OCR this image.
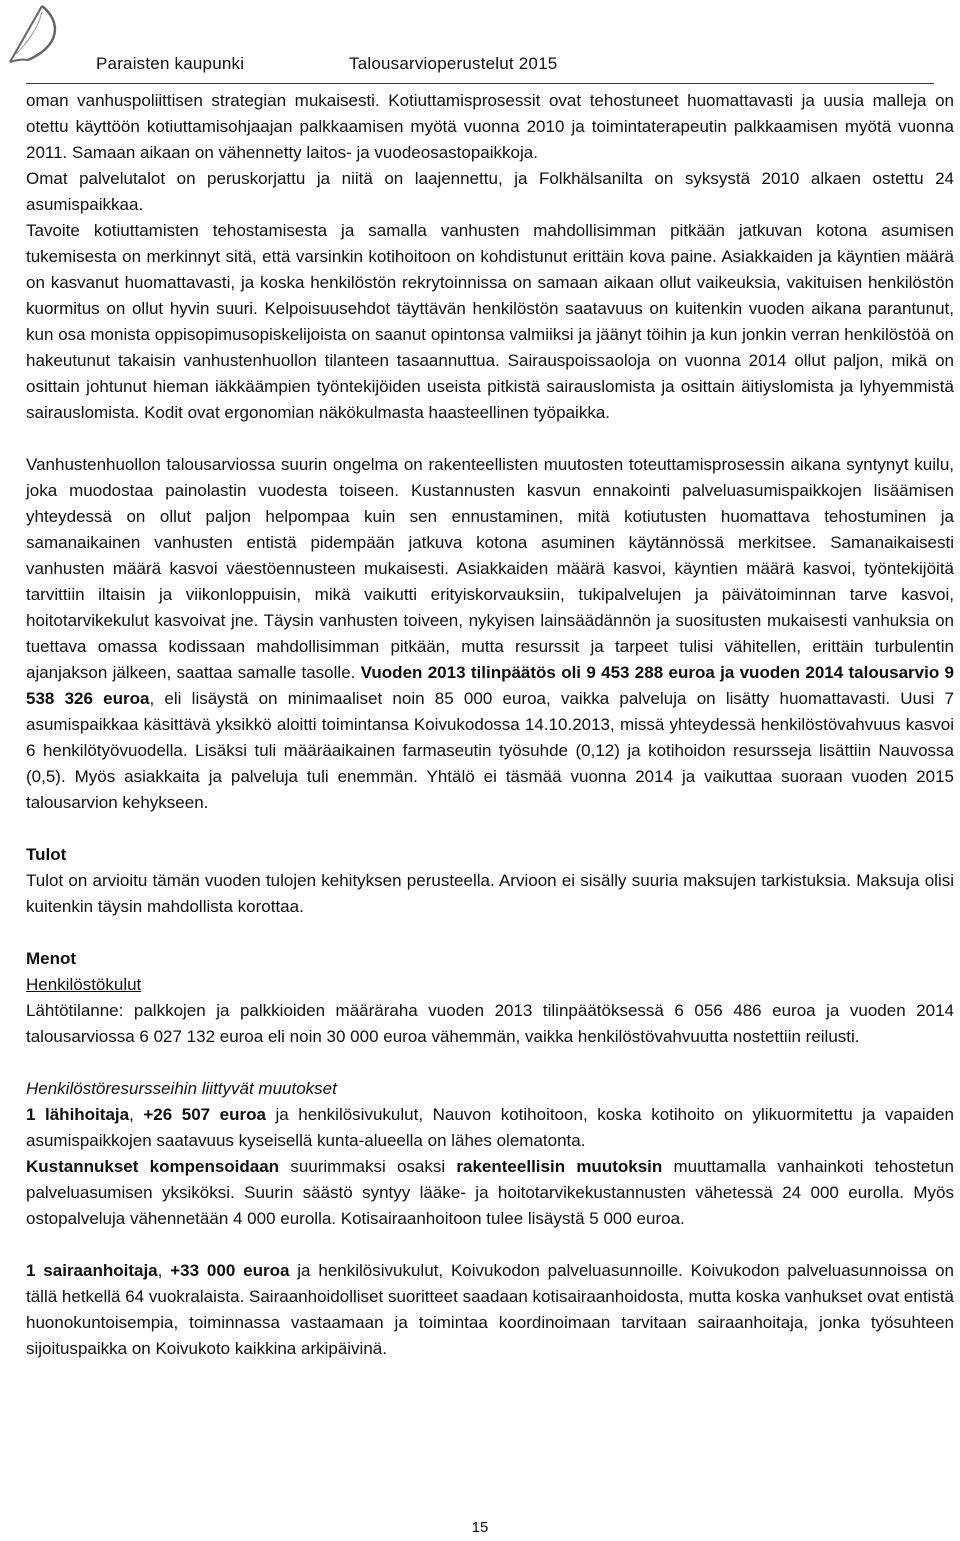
Paraisten kaupunki	Talousarvioperustelut 2015

oman vanhuspoliittisen strategian mukaisesti. Kotiuttamisprosessit ovat tehostuneet huomattavasti ja uusia malleja on otettu käyttöön kotiuttamisohjaajan palkkaamisen myötä vuonna 2010 ja toimintaterapeutin palkkaamisen myötä vuonna 2011. Samaan aikaan on vähennetty laitos- ja vuodeosastopaikkoja.

Omat palvelutalot on peruskorjattu ja niitä on laajennettu, ja Folkhälsanilta on syksystä 2010 alkaen ostettu 24 asumispaikkaa.

Tavoite kotiuttamisten tehostamisesta ja samalla vanhusten mahdollisimman pitkään jatkuvan kotona asumisen tukemisesta on merkinnyt sitä, että varsinkin kotihoitoon on kohdistunut erittäin kova paine. Asiakkaiden ja käyntien määrä on kasvanut huomattavasti, ja koska henkilöstön rekrytoinnissa on samaan aikaan ollut vaikeuksia, vakituisen henkilöstön kuormitus on ollut hyvin suuri. Kelpoisuusehdot täyttävän henkilöstön saatavuus on kuitenkin vuoden aikana parantunut, kun osa monista oppisopimusopiskelijoista on saanut opintonsa valmiiksi ja jäänyt töihin ja kun jonkin verran henkilöstöä on hakeutunut takaisin vanhustenhuollon tilanteen tasaannuttua. Sairauspoissaoloja on vuonna 2014 ollut paljon, mikä on osittain johtunut hieman iäkkäämpien työntekijöiden useista pitkistä sairauslomista ja osittain äitiyslomista ja lyhyemmistä sairauslomista. Kodit ovat ergonomian näkökulmasta haasteellinen työpaikka.

Vanhustenhuollon talousarviossa suurin ongelma on rakenteellisten muutosten toteuttamisprosessin aikana syntynyt kuilu, joka muodostaa painolastin vuodesta toiseen. Kustannusten kasvun ennakointi palveluasumispaikkojen lisäämisen yhteydessä on ollut paljon helpompaa kuin sen ennustaminen, mitä kotiutusten huomattava tehostuminen ja samanaikainen vanhusten entistä pidempään jatkuva kotona asuminen käytännössä merkitsee. Samanaikaisesti vanhusten määrä kasvoi väestöennusteen mukaisesti. Asiakkaiden määrä kasvoi, käyntien määrä kasvoi, työntekijöitä tarvittiin iltaisin ja viikonloppuisin, mikä vaikutti erityiskorvauksiin, tukipalvelujen ja päivätoiminnan tarve kasvoi, hoitotarvikekulut kasvoivat jne. Täysin vanhusten toiveen, nykyisen lainsäädännön ja suositusten mukaisesti vanhuksia on tuettava omassa kodissaan mahdollisimman pitkään, mutta resurssit ja tarpeet tulisi vähitellen, erittäin turbulentin ajanjakson jälkeen, saattaa samalle tasolle. Vuoden 2013 tilinpäätös oli 9 453 288 euroa ja vuoden 2014 talousarvio 9 538 326 euroa, eli lisäystä on minimaaliset noin 85 000 euroa, vaikka palveluja on lisätty huomattavasti. Uusi 7 asumispaikkaa käsittävä yksikkö aloitti toimintansa Koivukodossa 14.10.2013, missä yhteydessä henkilöstövahvuus kasvoi 6 henkilötyövuodella. Lisäksi tuli määräaikainen farmaseutin työsuhde (0,12) ja kotihoidon resursseja lisättiin Nauvossa (0,5). Myös asiakkaita ja palveluja tuli enemmän. Yhtälö ei täsmää vuonna 2014 ja vaikuttaa suoraan vuoden 2015 talousarvion kehykseen.

Tulot

Tulot on arvioitu tämän vuoden tulojen kehityksen perusteella. Arvioon ei sisälly suuria maksujen tarkistuksia. Maksuja olisi kuitenkin täysin mahdollista korottaa.

Menot

Henkilöstökulut

Lähtötilanne: palkkojen ja palkkioiden määräraha vuoden 2013 tilinpäätöksessä 6 056 486 euroa ja vuoden 2014 talousarviossa 6 027 132 euroa eli noin 30 000 euroa vähemmän, vaikka henkilöstövahvuutta nostettiin reilusti.

Henkilöstöresursseihin liittyvät muutokset

1 lähihoitaja, +26 507 euroa ja henkilösivukulut, Nauvon kotihoitoon, koska kotihoito on ylikuormitettu ja vapaiden asumispaikkojen saatavuus kyseisellä kunta-alueella on lähes olematonta.

Kustannukset kompensoidaan suurimmaksi osaksi rakenteellisin muutoksin muuttamalla vanhainkoti tehostetun palveluasumisen yksiköksi. Suurin säästö syntyy lääke- ja hoitotarvikekustannusten vähetessä 24 000 eurolla. Myös ostopalveluja vähennetään 4 000 eurolla. Kotisairaanhoitoon tulee lisäystä 5 000 euroa.

1 sairaanhoitaja, +33 000 euroa ja henkilösivukulut, Koivukodon palveluasunnoille. Koivukodon palveluasunnoissa on tällä hetkellä 64 vuokralaista. Sairaanhoidolliset suoritteet saadaan kotisairaanhoidosta, mutta koska vanhukset ovat entistä huonokuntoisempia, toiminnassa vastaamaan ja toimintaa koordinoimaan tarvitaan sairaanhoitaja, jonka työsuhteen sijoituspaikka on Koivukoto kaikkina arkipäivinä.

15
